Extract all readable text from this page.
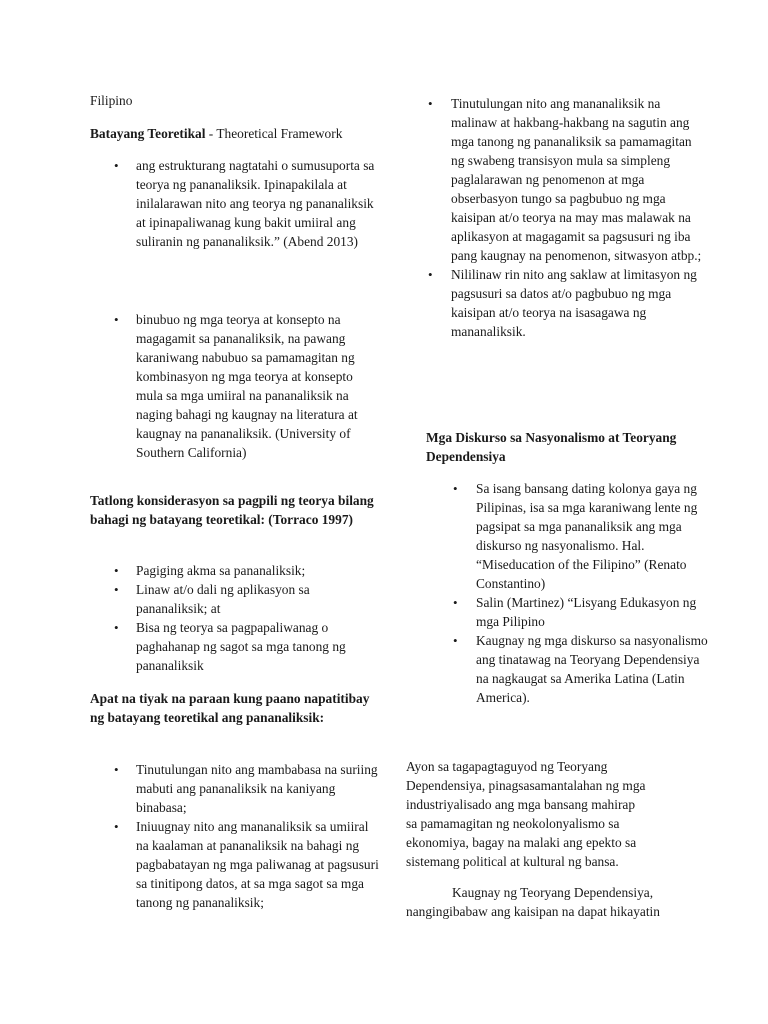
Filipino

Batayang Teoretikal - Theoretical Framework

• ang estrukturang nagtatahi o sumusuporta sa teorya ng pananaliksik. Ipinapakilala at inilalarawan nito ang teorya ng pananaliksik at ipinapaliwanag kung bakit umiiral ang suliranin ng pananaliksik.” (Abend 2013)
• binubuo ng mga teorya at konsepto na magagamit sa pananaliksik, na pawang karaniwang nabubuo sa pamamagitan ng kombinasyon ng mga teorya at konsepto mula sa mga umiiral na pananaliksik na naging bahagi ng kaugnay na literatura at kaugnay na pananaliksik. (University of Southern California)

Tatlong konsiderasyon sa pagpili ng teorya bilang bahagi ng batayang teoretikal: (Torraco 1997)

• Pagiging akma sa pananaliksik;
• Linaw at/o dali ng aplikasyon sa pananaliksik; at
• Bisa ng teorya sa pagpapaliwanag o paghahanap ng sagot sa mga tanong ng pananaliksik

Apat na tiyak na paraan kung paano napatitibay ng batayang teoretikal ang pananaliksik:

• Tinutulungan nito ang mambabasa na suriing mabuti ang pananaliksik na kaniyang binabasa;
• Iniuugnay nito ang mananaliksik sa umiiral na kaalaman at pananaliksik na bahagi ng pagbabatayan ng mga paliwanag at pagsusuri sa tinitipong datos, at sa mga sagot sa mga tanong ng pananaliksik;
• Tinutulungan nito ang mananaliksik na malinaw at hakbang-hakbang na sagutin ang mga tanong ng pananaliksik sa pamamagitan ng swabeng transisyon mula sa simpleng paglalarawan ng penomenon at mga obserbasyon tungo sa pagbubuo ng mga kaisipan at/o teorya na may mas malawak na aplikasyon at magagamit sa pagsusuri ng iba pang kaugnay na penomenon, sitwasyon atbp.;
• Nililinaw rin nito ang saklaw at limitasyon ng pagsusuri sa datos at/o pagbubuo ng mga kaisipan at/o teorya na isasagawa ng mananaliksik.

Mga Diskurso sa Nasyonalismo at Teoryang Dependensiya

• Sa isang bansang dating kolonya gaya ng Pilipinas, isa sa mga karaniwang lente ng pagsipat sa mga pananaliksik ang mga diskurso ng nasyonalismo. Hal. “Miseducation of the Filipino” (Renato Constantino)
• Salin (Martinez) “Lisyang Edukasyon ng mga Pilipino
• Kaugnay ng mga diskurso sa nasyonalismo ang tinatawag na Teoryang Dependensiya na nagkaugat sa Amerika Latina (Latin America).

Ayon sa tagapagtaguyod ng Teoryang Dependensiya, pinagsasamantalahan ng mga industriyalisado ang mga bansang mahirap sa pamamagitan ng neokolonyalismo sa ekonomiya, bagay na malaki ang epekto sa sistemang political at kultural ng bansa.

Kaugnay ng Teoryang Dependensiya, nangingibabaw ang kaisipan na dapat hikayatin
